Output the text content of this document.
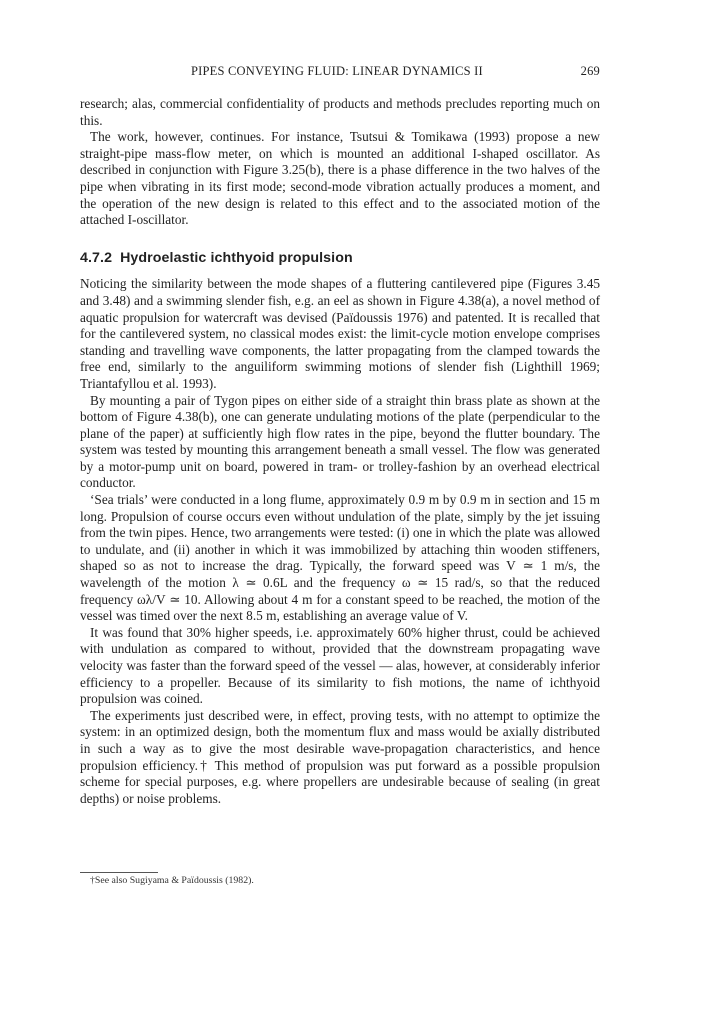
PIPES CONVEYING FLUID: LINEAR DYNAMICS II	269

research; alas, commercial confidentiality of products and methods precludes reporting much on this.

The work, however, continues. For instance, Tsutsui & Tomikawa (1993) propose a new straight-pipe mass-flow meter, on which is mounted an additional I-shaped oscillator. As described in conjunction with Figure 3.25(b), there is a phase difference in the two halves of the pipe when vibrating in its first mode; second-mode vibration actually produces a moment, and the operation of the new design is related to this effect and to the associated motion of the attached I-oscillator.

4.7.2 Hydroelastic ichthyoid propulsion

Noticing the similarity between the mode shapes of a fluttering cantilevered pipe (Figures 3.45 and 3.48) and a swimming slender fish, e.g. an eel as shown in Figure 4.38(a), a novel method of aquatic propulsion for watercraft was devised (Païdoussis 1976) and patented. It is recalled that for the cantilevered system, no classical modes exist: the limit-cycle motion envelope comprises standing and travelling wave components, the latter propagating from the clamped towards the free end, similarly to the anguiliform swimming motions of slender fish (Lighthill 1969; Triantafyllou et al. 1993).

By mounting a pair of Tygon pipes on either side of a straight thin brass plate as shown at the bottom of Figure 4.38(b), one can generate undulating motions of the plate (perpendicular to the plane of the paper) at sufficiently high flow rates in the pipe, beyond the flutter boundary. The system was tested by mounting this arrangement beneath a small vessel. The flow was generated by a motor-pump unit on board, powered in tram- or trolley-fashion by an overhead electrical conductor.

‘Sea trials’ were conducted in a long flume, approximately 0.9 m by 0.9 m in section and 15 m long. Propulsion of course occurs even without undulation of the plate, simply by the jet issuing from the twin pipes. Hence, two arrangements were tested: (i) one in which the plate was allowed to undulate, and (ii) another in which it was immobilized by attaching thin wooden stiffeners, shaped so as not to increase the drag. Typically, the forward speed was V ≃ 1 m/s, the wavelength of the motion λ ≃ 0.6L and the frequency ω ≃ 15 rad/s, so that the reduced frequency ωλ/V ≃ 10. Allowing about 4 m for a constant speed to be reached, the motion of the vessel was timed over the next 8.5 m, establishing an average value of V.

It was found that 30% higher speeds, i.e. approximately 60% higher thrust, could be achieved with undulation as compared to without, provided that the downstream propagating wave velocity was faster than the forward speed of the vessel — alas, however, at considerably inferior efficiency to a propeller. Because of its similarity to fish motions, the name of ichthyoid propulsion was coined.

The experiments just described were, in effect, proving tests, with no attempt to optimize the system: in an optimized design, both the momentum flux and mass would be axially distributed in such a way as to give the most desirable wave-propagation characteristics, and hence propulsion efficiency.† This method of propulsion was put forward as a possible propulsion scheme for special purposes, e.g. where propellers are undesirable because of sealing (in great depths) or noise problems.

†See also Sugiyama & Païdoussis (1982).
